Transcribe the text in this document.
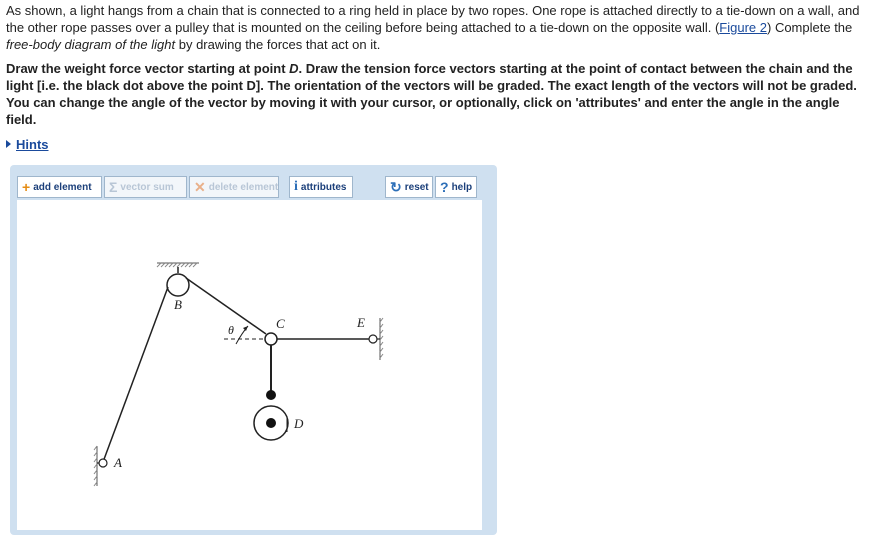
As shown, a light hangs from a chain that is connected to a ring held in place by two ropes. One rope is attached directly to a tie-down on a wall, and the other rope passes over a pulley that is mounted on the ceiling before being attached to a tie-down on the opposite wall. (Figure 2) Complete the free-body diagram of the light by drawing the forces that act on it.
Draw the weight force vector starting at point D. Draw the tension force vectors starting at the point of contact between the chain and the light [i.e. the black dot above the point D]. The orientation of the vectors will be graded. The exact length of the vectors will not be graded. You can change the angle of the vector by moving it with your cursor, or optionally, click on 'attributes' and enter the angle in the angle field.
Hints
+ add element Σ vector sum ✕ delete element i attributes	↻ reset ? help
B
C	E
D
A
θ
